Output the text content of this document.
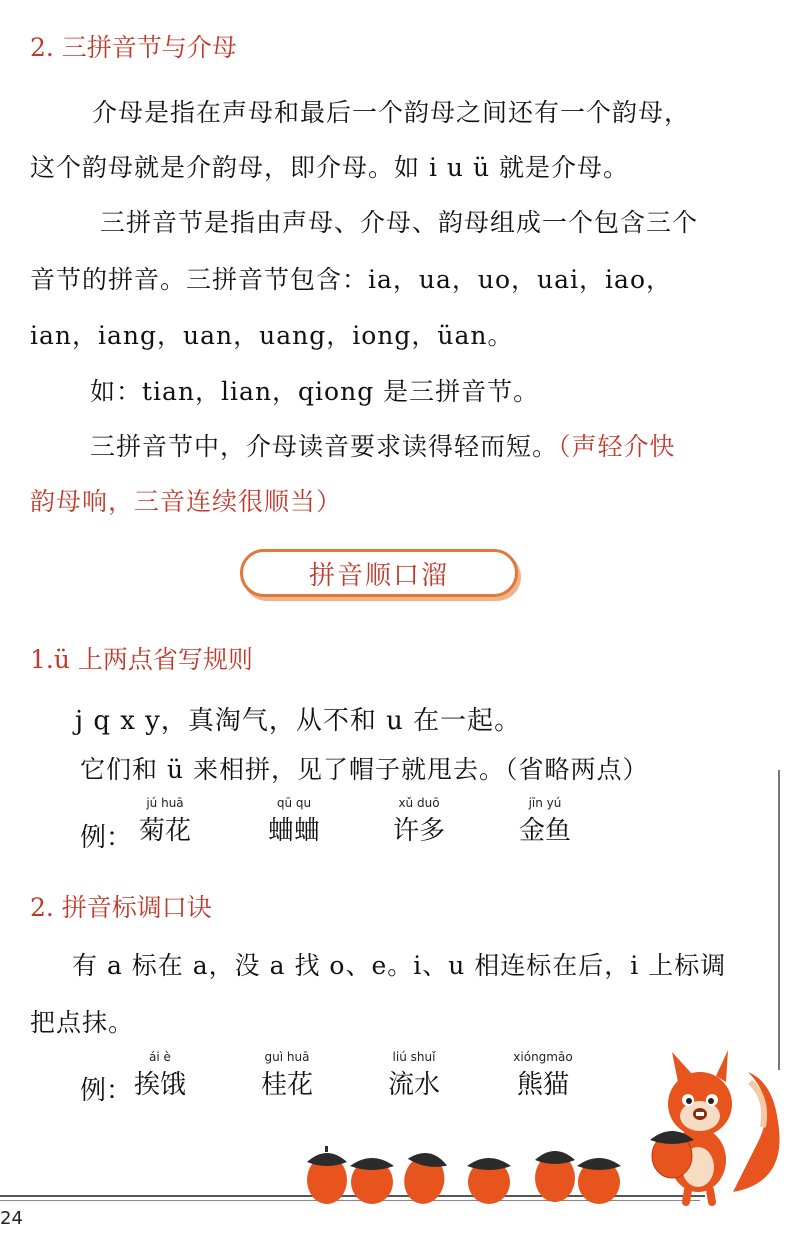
2. 三拼音节与介母
介母是指在声母和最后一个韵母之间还有一个韵母，
这个韵母就是介韵母，即介母。如 i u ü 就是介母。
三拼音节是指由声母、介母、韵母组成一个包含三个
音节的拼音。三拼音节包含：ia，ua，uo，uai，iao，
ian，iang，uan，uang，iong，üan。
如：tian，lian，qiong 是三拼音节。
三拼音节中，介母读音要求读得轻而短。（声轻介快
韵母响，三音连续很顺当）
拼音顺口溜
1.ü 上两点省写规则
j q x y，真淘气，从不和 u 在一起。
它们和 ü 来相拼，见了帽子就甩去。（省略两点）
例：
jú huā
菊花
qū qu
蛐蛐
xǔ duō
许多
jīn yú
金鱼
2. 拼音标调口诀
有 a 标在 a，没 a 找 o、e。i、u 相连标在后，i 上标调
把点抹。
例：
ái è
挨饿
guì huā
桂花
liú shuǐ
流水
xióngmāo
熊猫
24
